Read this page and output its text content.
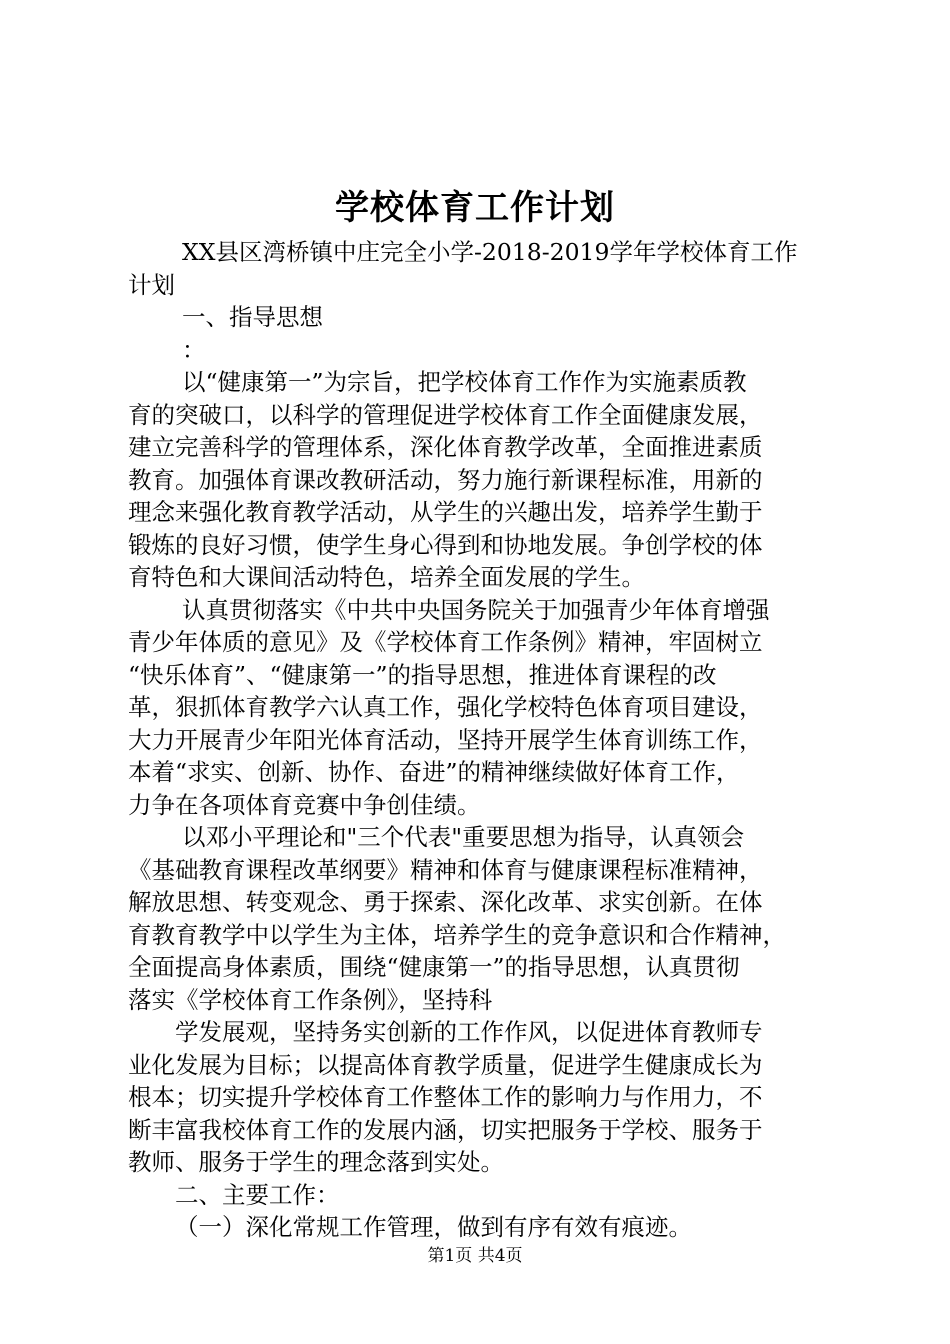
学校体育工作计划
XX县区湾桥镇中庄完全小学-2018-2019学年学校体育工作
计划
一、指导思想
：
以“健康第一”为宗旨，把学校体育工作作为实施素质教
育的突破口，以科学的管理促进学校体育工作全面健康发展，
建立完善科学的管理体系，深化体育教学改革，全面推进素质
教育。加强体育课改教研活动，努力施行新课程标准，用新的
理念来强化教育教学活动，从学生的兴趣出发，培养学生勤于
锻炼的良好习惯，使学生身心得到和协地发展。争创学校的体
育特色和大课间活动特色，培养全面发展的学生。
认真贯彻落实《中共中央国务院关于加强青少年体育增强
青少年体质的意见》及《学校体育工作条例》精神，牢固树立
“快乐体育”、“健康第一”的指导思想，推进体育课程的改
革，狠抓体育教学六认真工作，强化学校特色体育项目建设，
大力开展青少年阳光体育活动，坚持开展学生体育训练工作，
本着“求实、创新、协作、奋进”的精神继续做好体育工作，
力争在各项体育竞赛中争创佳绩。
以邓小平理论和"三个代表"重要思想为指导，认真领会
《基础教育课程改革纲要》精神和体育与健康课程标准精神，
解放思想、转变观念、勇于探索、深化改革、求实创新。在体
育教育教学中以学生为主体，培养学生的竞争意识和合作精神，
全面提高身体素质，围绕“健康第一”的指导思想，认真贯彻
落实《学校体育工作条例》，坚持科
学发展观，坚持务实创新的工作作风，以促进体育教师专
业化发展为目标；以提高体育教学质量，促进学生健康成长为
根本；切实提升学校体育工作整体工作的影响力与作用力，不
断丰富我校体育工作的发展内涵，切实把服务于学校、服务于
教师、服务于学生的理念落到实处。
二、主要工作：
（一）深化常规工作管理，做到有序有效有痕迹。
第1页 共4页
